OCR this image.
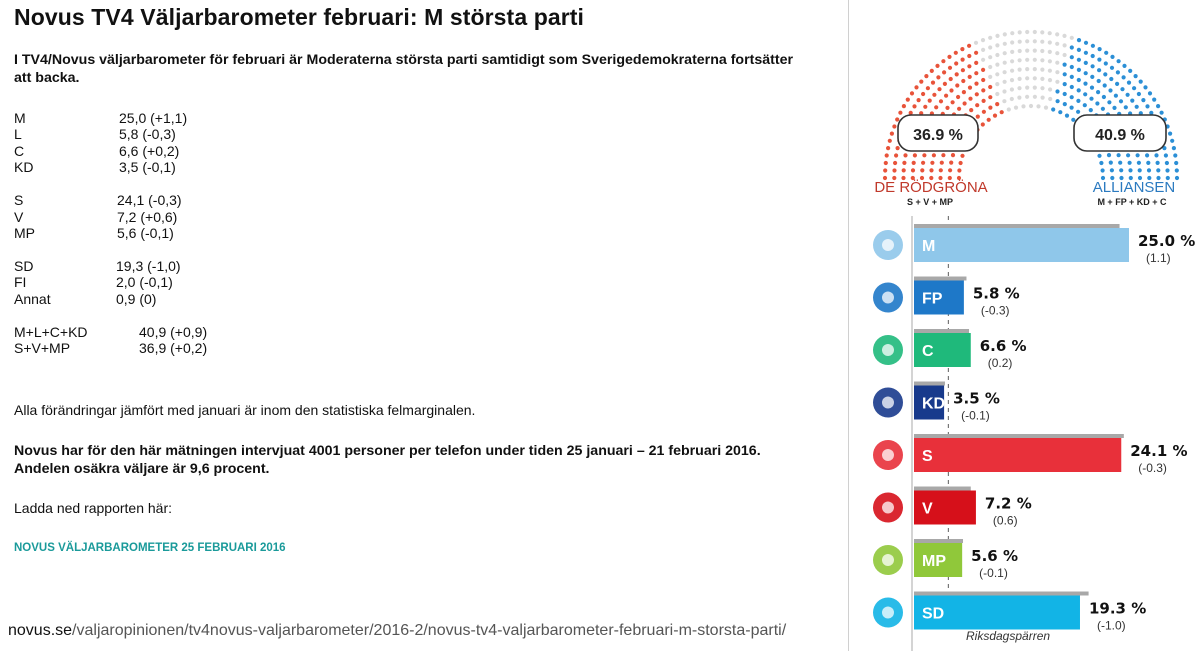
Novus TV4 Väljarbarometer februari: M största parti

I TV4/Novus väljarbarometer för februari är Moderaterna största parti samtidigt som Sverigedemokraterna fortsätter att backa.

M	25,0 (+1,1)
L	5,8 (-0,3)
C	6,6 (+0,2)
KD	3,5 (-0,1)
S	24,1 (-0,3)
V	7,2 (+0,6)
MP	5,6 (-0,1)
SD	19,3 (-1,0)
FI	2,0 (-0,1)
Annat	0,9 (0)
M+L+C+KD	40,9 (+0,9)
S+V+MP	36,9 (+0,2)

Alla förändringar jämfört med januari är inom den statistiska felmarginalen.

Novus har för den här mätningen intervjuat 4001 personer per telefon under tiden 25 januari – 21 februari 2016. Andelen osäkra väljare är 9,6 procent.

Ladda ned rapporten här:

NOVUS VÄLJARBAROMETER 25 FEBRUARI 2016
novus.se/valjaropinionen/tv4novus-valjarbarometer/2016-2/novus-tv4-valjarbarometer-februari-m-storsta-parti/
36.9 %	40.9 %
DE RÖDGRÖNA
S + V + MP
ALLIANSEN
M + FP + KD + C
M	25.0 %
(1.1)
FP 5.8 %
(-0.3)
C	6.6 %
(0.2)
KD 3.5 %
(-0.1)
S	24.1 %
(-0.3)
V	7.2 %
(0.6)
MP 5.6 %
(-0.1)
SD	19.3 %
(-1.0)
Riksdagspärren
